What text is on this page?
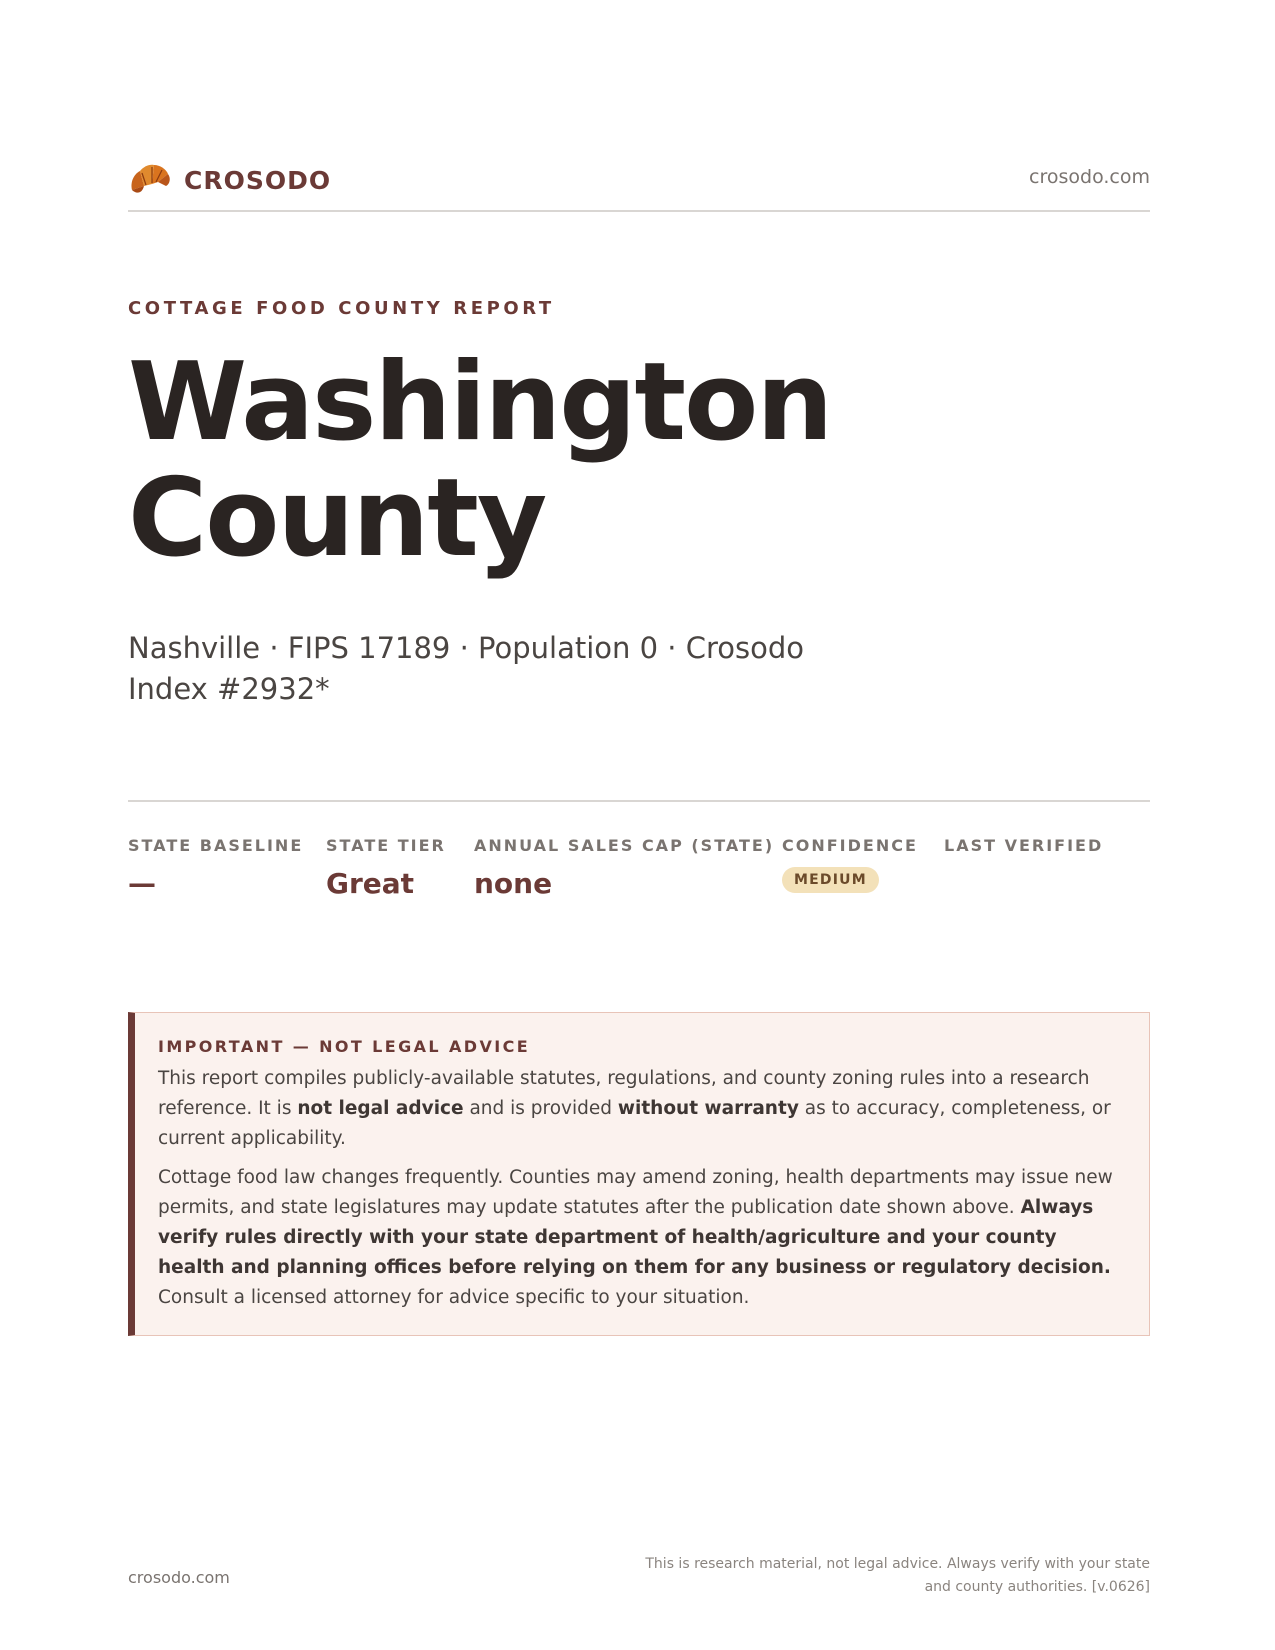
CROSODO	crosodo.com
COTTAGE FOOD COUNTY REPORT
Washington
County
Nashville · FIPS 17189 · Population 0 · Crosodo Index #2932*
STATE BASELINE
—
STATE TIER
Great
ANNUAL SALES CAP (STATE)
none
CONFIDENCE
MEDIUM
LAST VERIFIED
IMPORTANT — NOT LEGAL ADVICE

This report compiles publicly-available statutes, regulations, and county zoning rules into a research reference. It is not legal advice and is provided without warranty as to accuracy, completeness, or current applicability.

Cottage food law changes frequently. Counties may amend zoning, health departments may issue new permits, and state legislatures may update statutes after the publication date shown above. Always verify rules directly with your state department of health/agriculture and your county health and planning offices before relying on them for any business or regulatory decision. Consult a licensed attorney for advice specific to your situation.

crosodo.com
This is research material, not legal advice. Always verify with your state
and county authorities. [v.0626]
